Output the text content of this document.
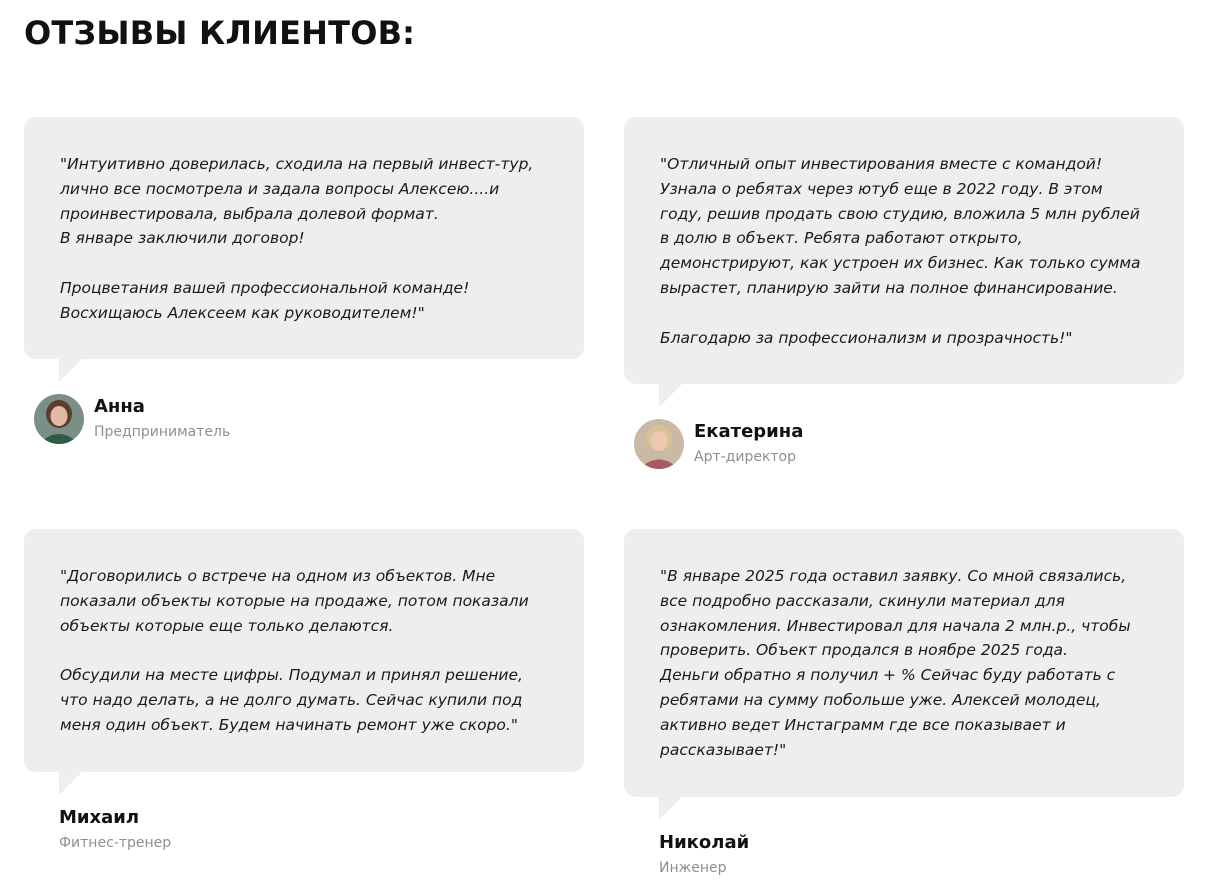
ОТЗЫВЫ КЛИЕНТОВ:

"Интуитивно доверилась, сходила на первый инвест-тур,
лично все посмотрела и задала вопросы Алексею....и
проинвестировала, выбрала долевой формат.
В январе заключили договор!

Процветания вашей профессиональной команде!
Восхищаюсь Алексеем как руководителем!"

Анна
Предприниматель

"Отличный опыт инвестирования вместе с командой!
Узнала о ребятах через ютуб еще в 2022 году. В этом
году, решив продать свою студию, вложила 5 млн рублей
в долю в объект. Ребята работают открыто,
демонстрируют, как устроен их бизнес. Как только сумма
вырастет, планирую зайти на полное финансирование.

Благодарю за профессионализм и прозрачность!"

Екатерина
Арт-директор

"Договорились о встрече на одном из объектов. Мне
показали объекты которые на продаже, потом показали
объекты которые еще только делаются.

Обсудили на месте цифры. Подумал и принял решение,
что надо делать, а не долго думать. Сейчас купили под
меня один объект. Будем начинать ремонт уже скоро."

Михаил
Фитнес-тренер

"В январе 2025 года оставил заявку. Со мной связались,
все подробно рассказали, скинули материал для
ознакомления. Инвестировал для начала 2 млн.р., чтобы
проверить. Объект продался в ноябре 2025 года.
Деньги обратно я получил + % Сейчас буду работать с
ребятами на сумму побольше уже. Алексей молодец,
активно ведет Инстаграмм где все показывает и
рассказывает!"

Николай
Инженер
